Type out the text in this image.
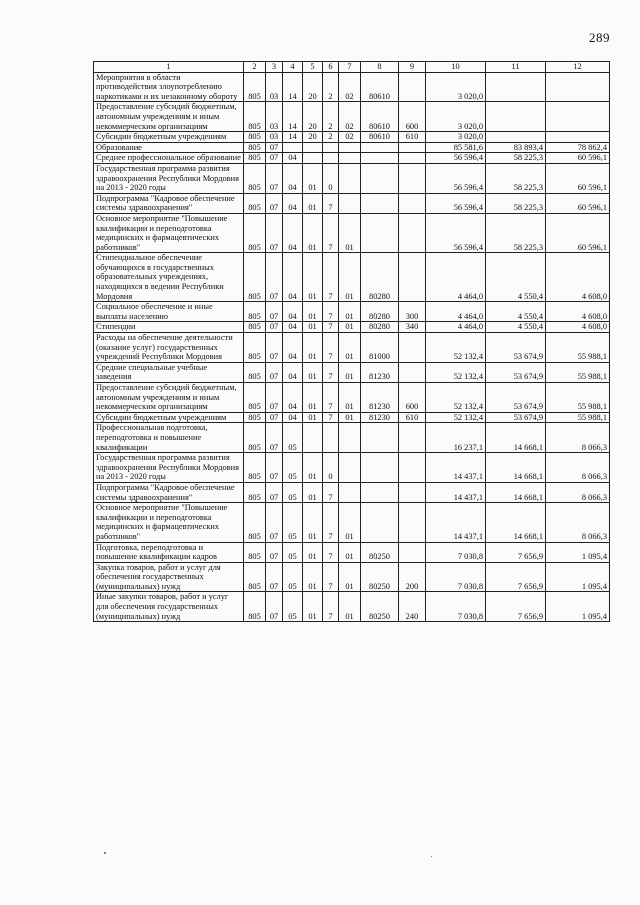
289
1	2	3	4	5	6	7	8	9	10	11	12
Мероприятия в области противодействия злоупотреблению наркотиками и их незаконному обороту	805	03	14	20	2	02	80610		3 020,0		
Предоставление субсидий бюджетным, автономным учреждениям и иным некоммерческим организациям	805	03	14	20	2	02	80610	600	3 020,0		
Субсидии бюджетным учреждениям	805	03	14	20	2	02	80610	610	3 020,0		
Образование	805	07							85 581,6	83 893,4	78 862,4
Среднее профессиональное образование	805	07	04						56 596,4	58 225,3	60 596,1
Государственная программа развития здравоохранения Республики Мордовия на 2013 - 2020 годы	805	07	04	01	0				56 596,4	58 225,3	60 596,1
Подпрограмма "Кадровое обеспечение системы здравоохранения"	805	07	04	01	7				56 596,4	58 225,3	60 596,1
Основное мероприятие "Повышение квалификации и переподготовка медицинских и фармацевтических работников"	805	07	04	01	7	01			56 596,4	58 225,3	60 596,1
Стипендиальное обеспечение обучающихся в государственных образовательных учреждениях, находящихся в ведении Республики Мордовия	805	07	04	01	7	01	80280		4 464,0	4 550,4	4 608,0
Социальное обеспечение и иные выплаты населению	805	07	04	01	7	01	80280	300	4 464,0	4 550,4	4 608,0
Стипендии	805	07	04	01	7	01	80280	340	4 464,0	4 550,4	4 608,0
Расходы на обеспечение деятельности (оказание услуг) государственных учреждений Республики Мордовия	805	07	04	01	7	01	81000		52 132,4	53 674,9	55 988,1
Средние специальные учебные заведения	805	07	04	01	7	01	81230		52 132,4	53 674,9	55 988,1
Предоставление субсидий бюджетным, автономным учреждениям и иным некоммерческим организациям	805	07	04	01	7	01	81230	600	52 132,4	53 674,9	55 988,1
Субсидии бюджетным учреждениям	805	07	04	01	7	01	81230	610	52 132,4	53 674,9	55 988,1
Профессиональная подготовка, переподготовка и повышение квалификации	805	07	05						16 237,1	14 668,1	8 066,3
Государственная программа развития здравоохранения Республики Мордовия на 2013 - 2020 годы	805	07	05	01	0				14 437,1	14 668,1	8 066,3
Подпрограмма "Кадровое обеспечение системы здравоохранения"	805	07	05	01	7				14 437,1	14 668,1	8 066,3
Основное мероприятие "Повышение квалификации и переподготовка медицинских и фармацевтических работников"	805	07	05	01	7	01			14 437,1	14 668,1	8 066,3
Подготовка, переподготовка и повышение квалификации кадров	805	07	05	01	7	01	80250		7 030,8	7 656,9	1 095,4
Закупка товаров, работ и услуг для обеспечения государственных (муниципальных) нужд	805	07	05	01	7	01	80250	200	7 030,8	7 656,9	1 095,4
Иные закупки товаров, работ и услуг для обеспечения государственных (муниципальных) нужд	805	07	05	01	7	01	80250	240	7 030,8	7 656,9	1 095,4
